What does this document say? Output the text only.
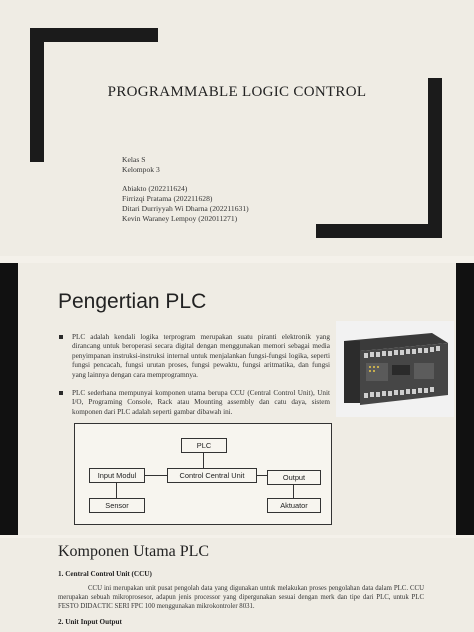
PROGRAMMABLE LOGIC CONTROL
Kelas S
Kelompok 3
Abiakto (202211624)
Firrizqi Pratama (202211628)
Ditari Durriyyah Wi Dharna (202211631)
Kevin Waraney Lempoy (202011271)
Pengertian PLC
PLC adalah kendali logika terprogram merupakan suatu piranti elektronik yang dirancang untuk beroperasi secara digital dengan menggunakan memori sebagai media penyimpanan instruksi-instruksi internal untuk menjalankan fungsi-fungsi logika, seperti fungsi pencacah, fungsi urutan proses, fungsi pewaktu, fungsi aritmatika, dan fungsi yang lainnya dengan cara memprogramnya.
PLC sederhana mempunyai komponen utama berupa CCU (Central Control Unit), Unit I/O, Programing Console, Rack atau Mounting assembly dan catu daya, sistem komponen dari PLC adalah seperti gambar dibawah ini.
PLC
Input Modul	Control Central Unit	Output
Sensor	Aktuator
Komponen Utama PLC
1. Central Control Unit (CCU)
CCU ini merupakan unit pusat pengolah data yang digunakan untuk melakukan proses pengolahan data dalam PLC. CCU merupakan sebuah mikroprosesor, adapun jenis processor yang dipergunakan sesuai dengan merk dan tipe dari PLC, untuk PLC FESTO DIDACTIC SERI FPC 100 menggunakan mikrokontroler 8031.
2. Unit Input Output
